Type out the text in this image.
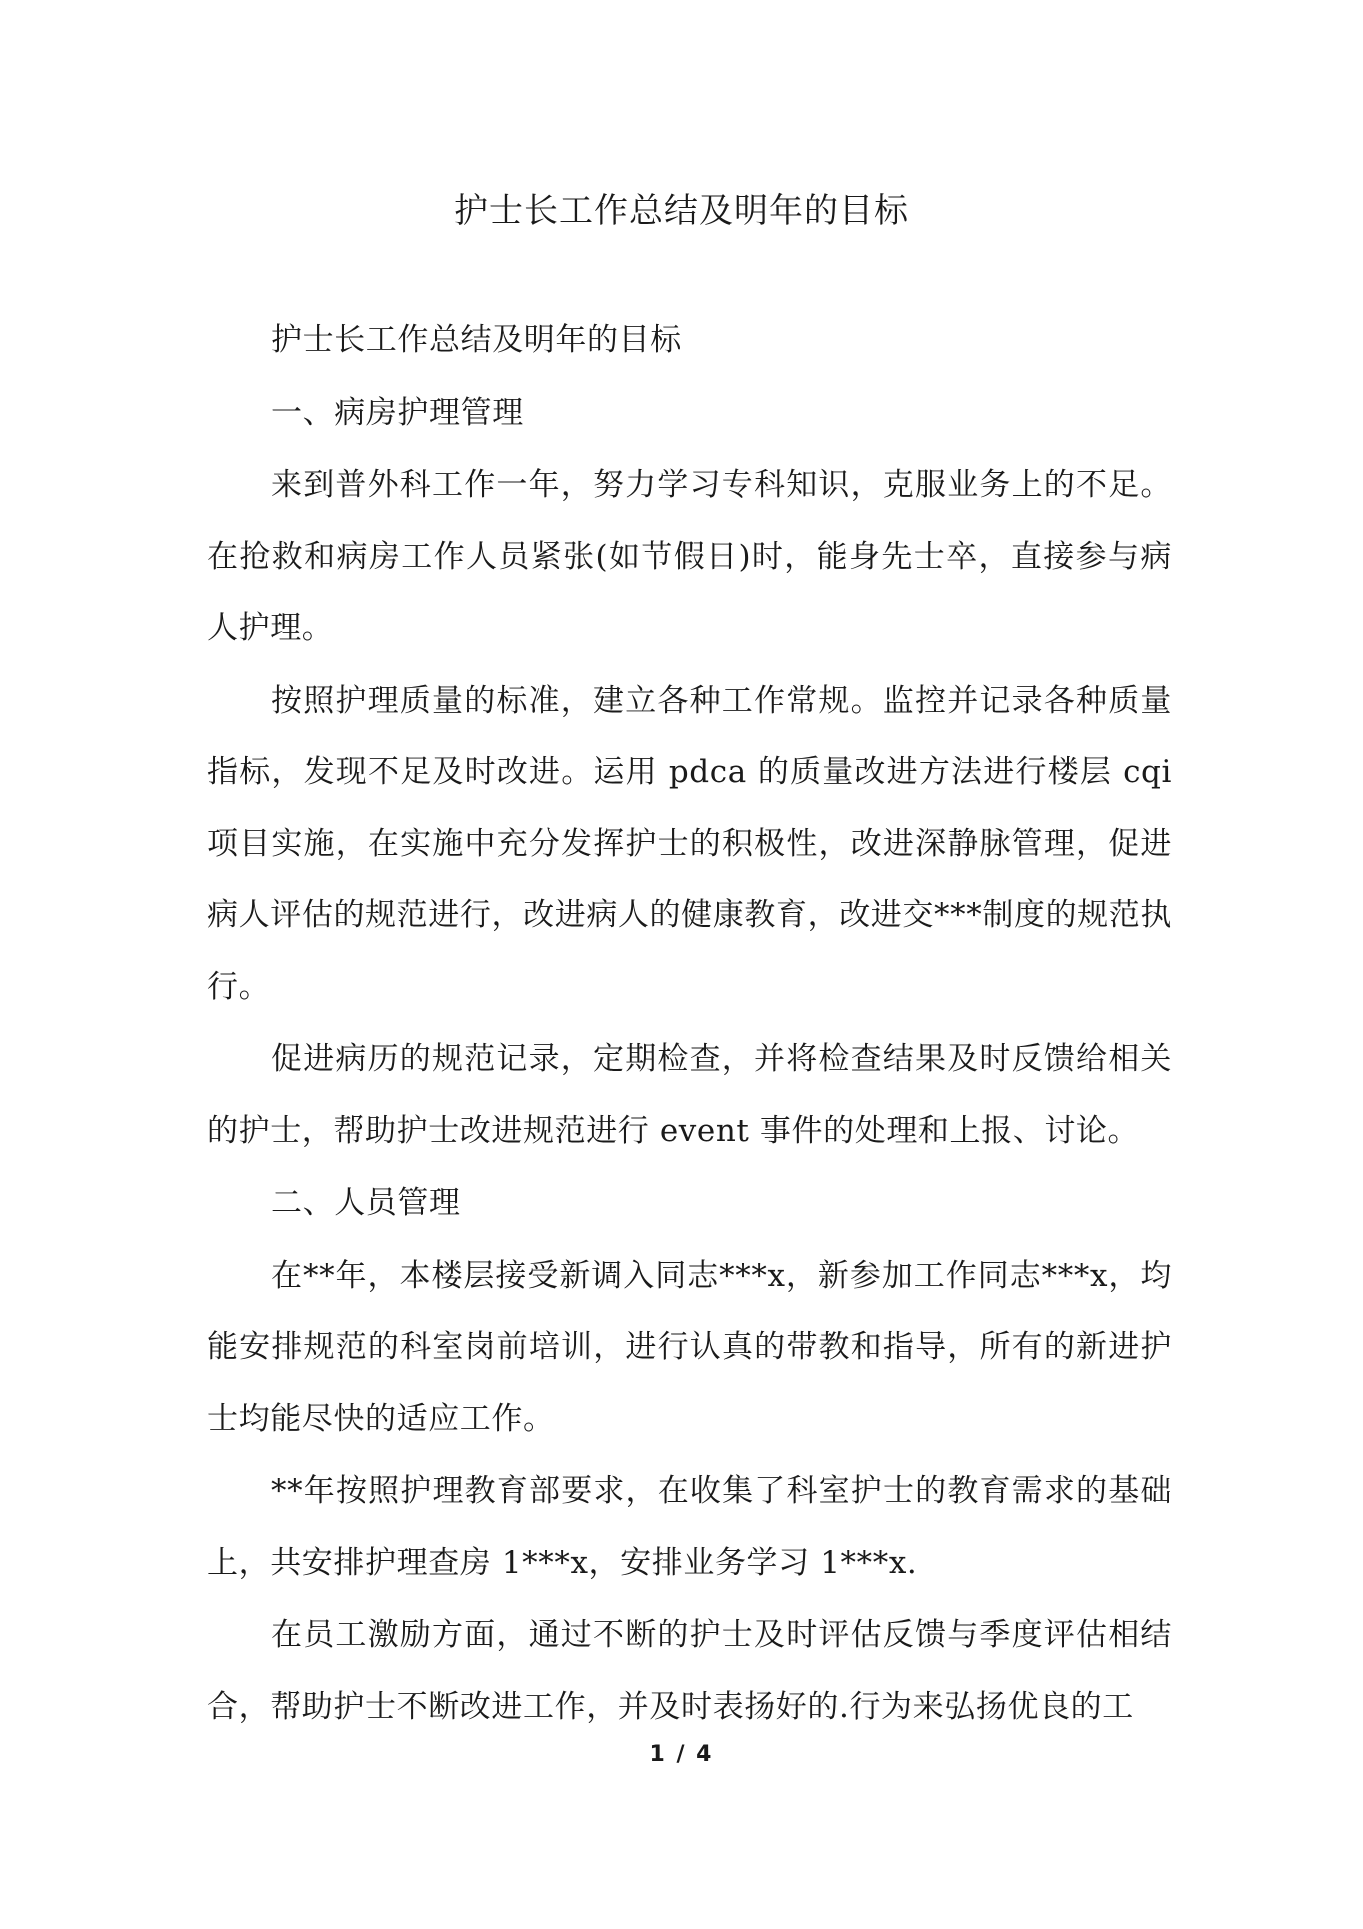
护士长工作总结及明年的目标

护士长工作总结及明年的目标

一、病房护理管理

来到普外科工作一年，努力学习专科知识，克服业务上的不足。在抢救和病房工作人员紧张(如节假日)时，能身先士卒，直接参与病人护理。

按照护理质量的标准，建立各种工作常规。监控并记录各种质量指标，发现不足及时改进。运用 pdca 的质量改进方法进行楼层 cqi 项目实施，在实施中充分发挥护士的积极性，改进深静脉管理，促进病人评估的规范进行，改进病人的健康教育，改进交***制度的规范执行。

促进病历的规范记录，定期检查，并将检查结果及时反馈给相关的护士，帮助护士改进规范进行 event 事件的处理和上报、讨论。

二、人员管理

在**年，本楼层接受新调入同志***x，新参加工作同志***x，均能安排规范的科室岗前培训，进行认真的带教和指导，所有的新进护士均能尽快的适应工作。

**年按照护理教育部要求，在收集了科室护士的教育需求的基础上，共安排护理查房 1***x，安排业务学习 1***x.

在员工激励方面，通过不断的护士及时评估反馈与季度评估相结合，帮助护士不断改进工作，并及时表扬好的.行为来弘扬优良的工

1 / 4
